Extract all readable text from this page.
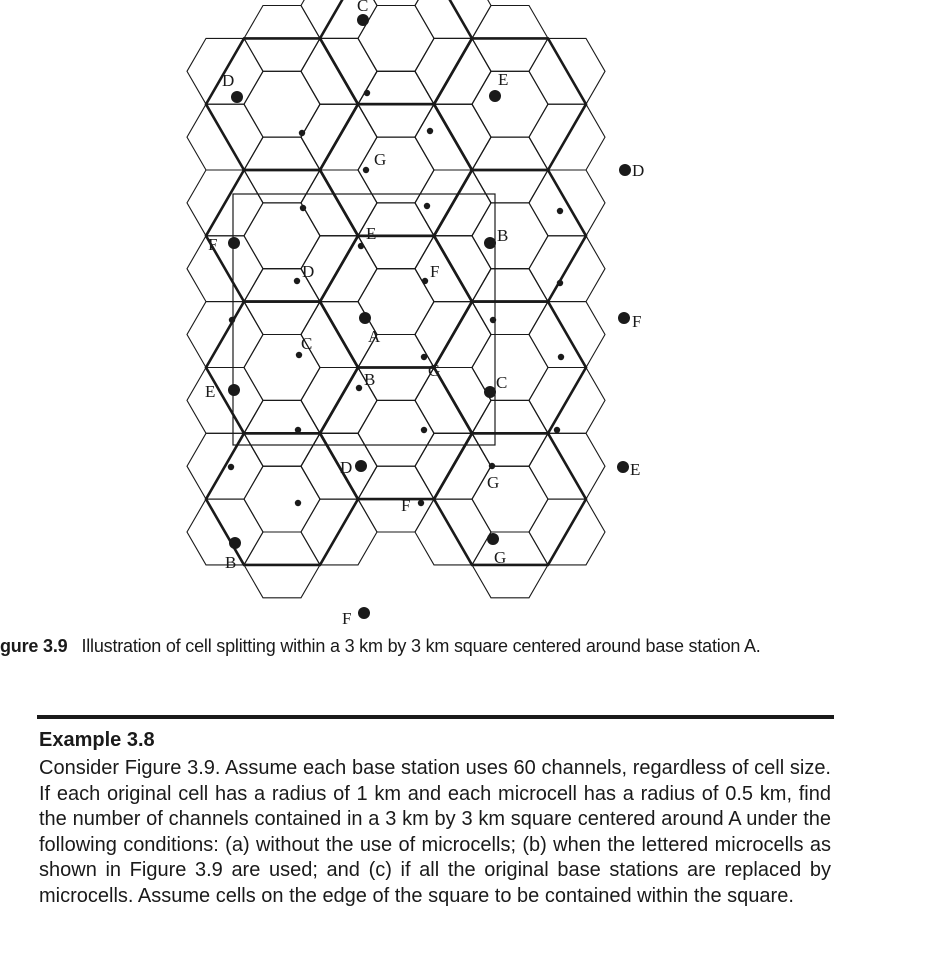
C
D	E
G
D
F
E	B
D	F
F
A
C
B	G
C
E
D	E
G
F
B	G
F
gure 3.9 Illustration of cell splitting within a 3 km by 3 km square centered around base station A.
Example 3.8
Consider Figure 3.9. Assume each base station uses 60 channels, regardless of cell size. If each original cell has a radius of 1 km and each microcell has a radius of 0.5 km, find the number of channels contained in a 3 km by 3 km square centered around A under the following conditions: (a) without the use of microcells; (b) when the lettered microcells as shown in Figure 3.9 are used; and (c) if all the original base stations are replaced by microcells. Assume cells on the edge of the square to be contained within the square.
